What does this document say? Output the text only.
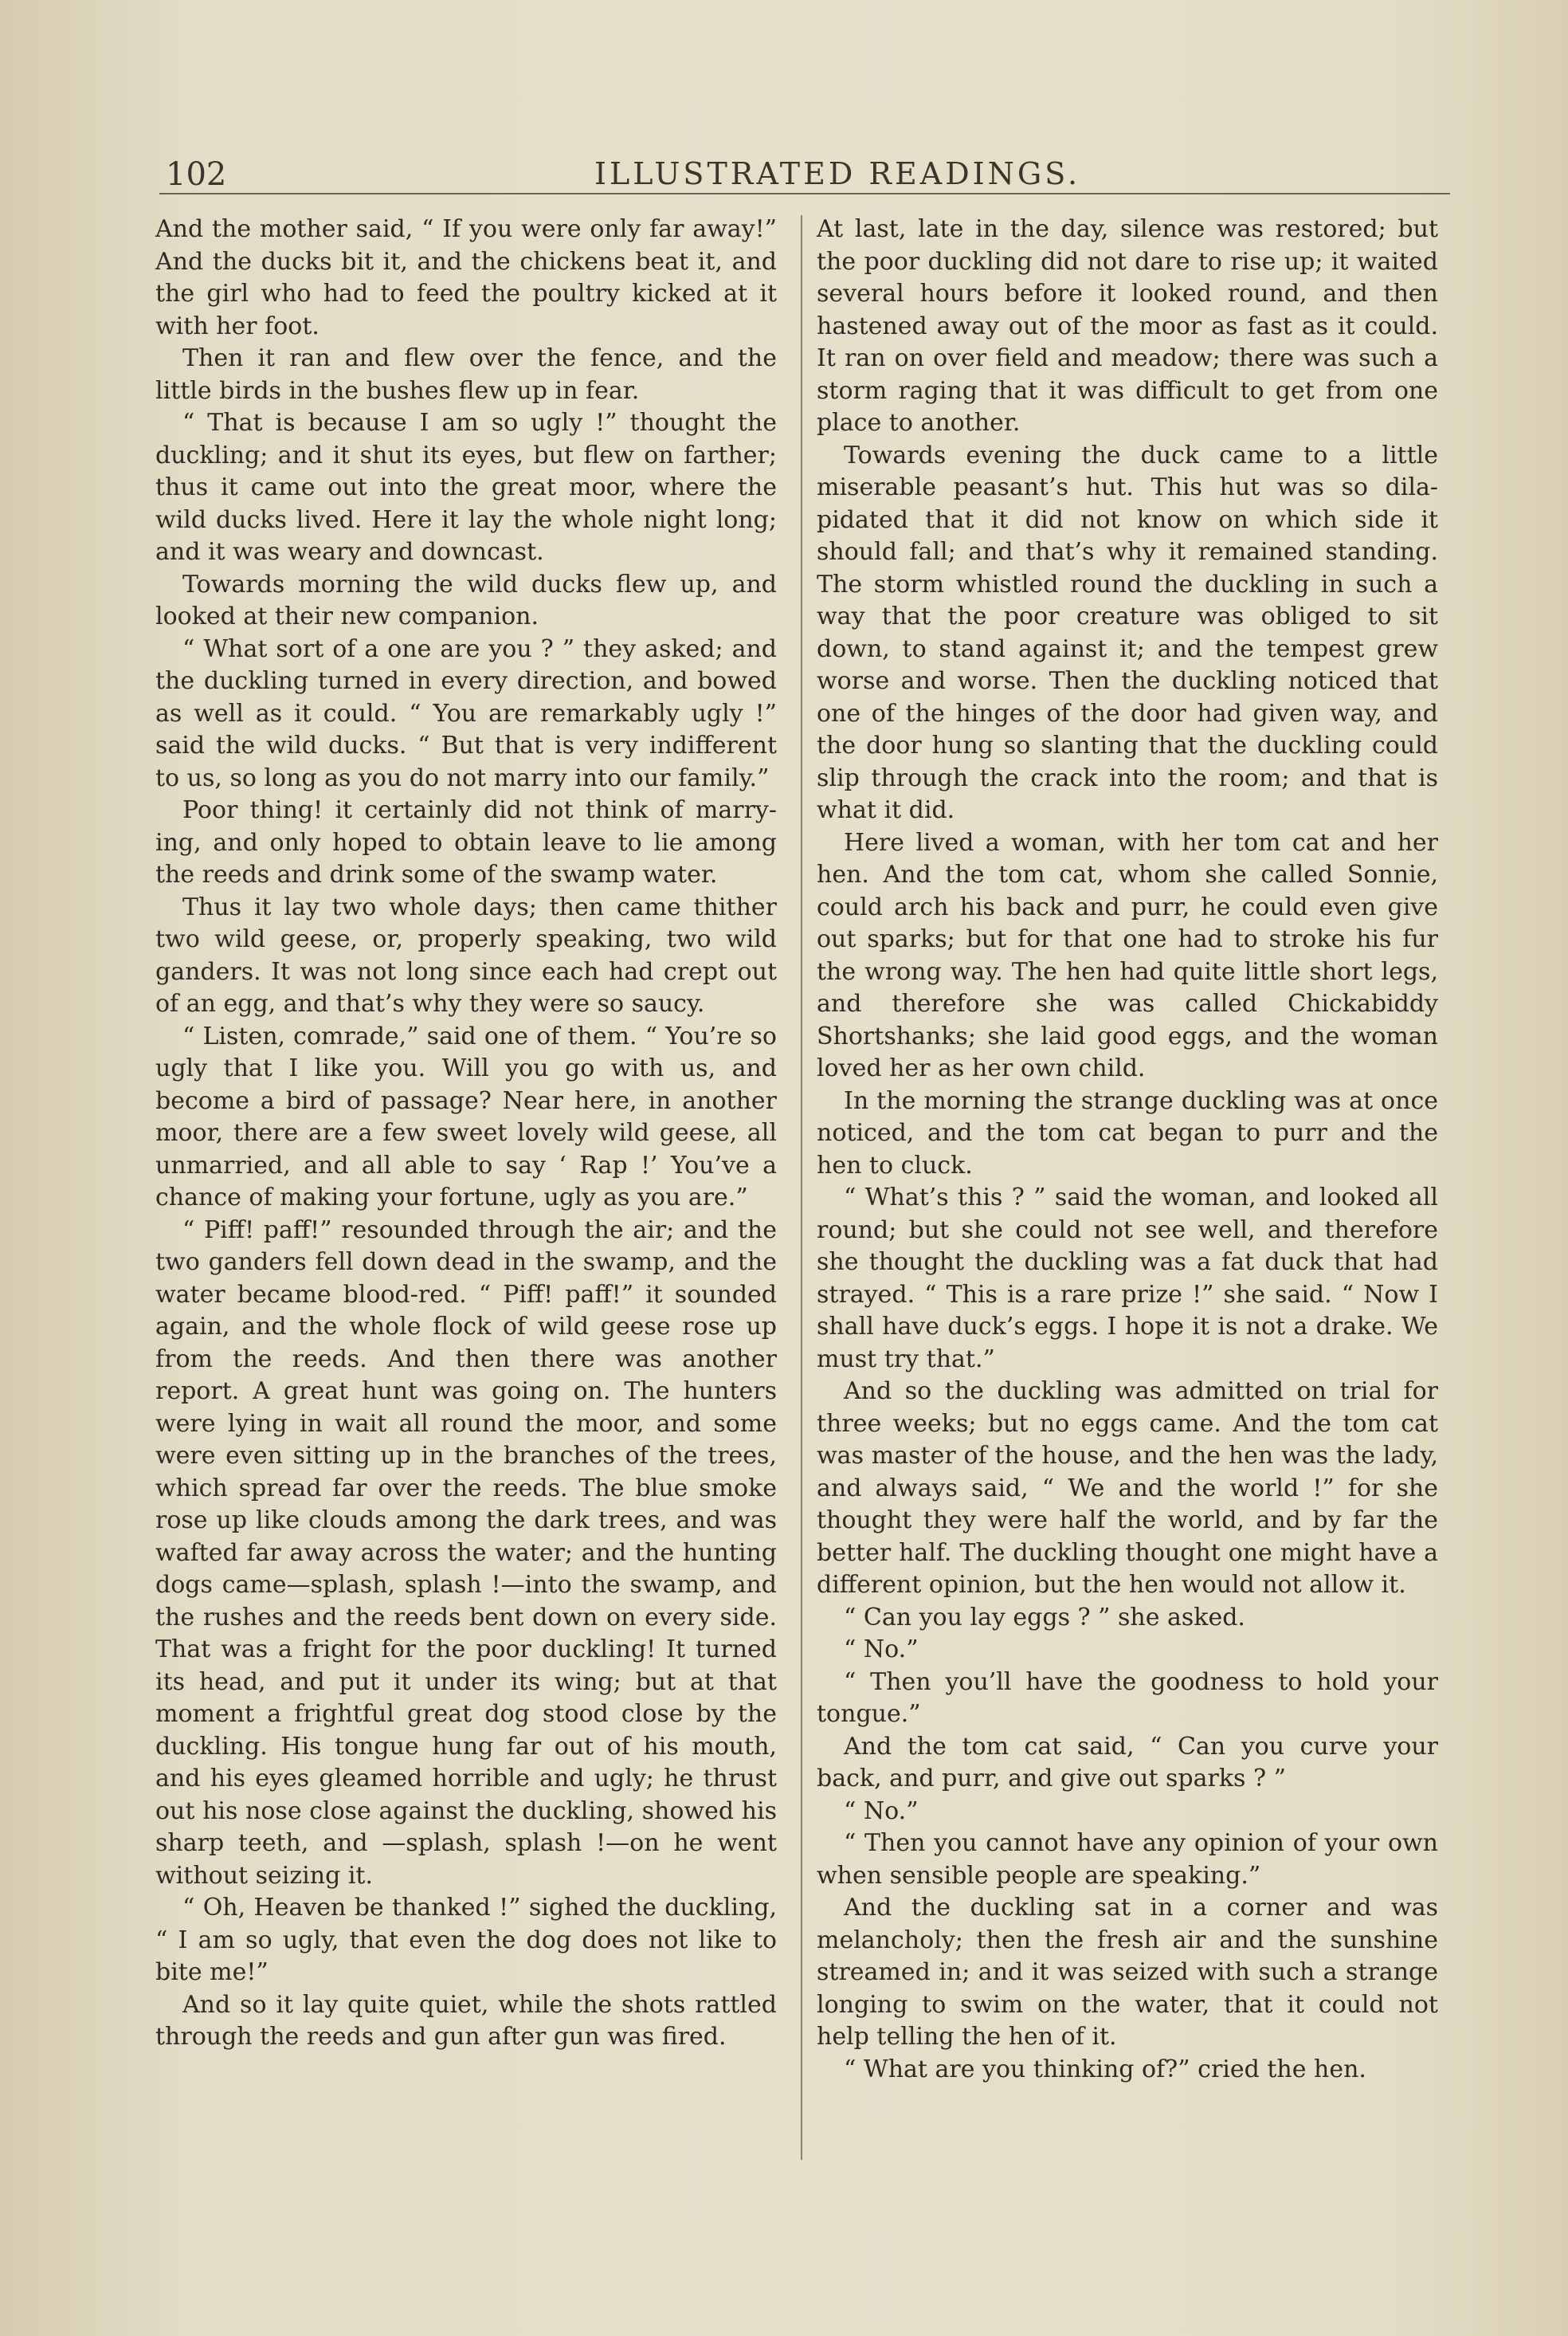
102	ILLUSTRATED READINGS.

And the mother said, “ If you were only far away!” And the ducks bit it, and the chickens beat it, and the girl who had to feed the poultry kicked at it with her foot.

Then it ran and flew over the fence, and the little birds in the bushes flew up in fear.

“ That is because I am so ugly !” thought the duckling; and it shut its eyes, but flew on farther; thus it came out into the great moor, where the wild ducks lived. Here it lay the whole night long; and it was weary and downcast.

Towards morning the wild ducks flew up, and looked at their new companion.

“ What sort of a one are you ? ” they asked; and the duckling turned in every direction, and bowed as well as it could. “ You are remarkably ugly !” said the wild ducks. “ But that is very indifferent to us, so long as you do not marry into our family.”

Poor thing! it certainly did not think of marry-ing, and only hoped to obtain leave to lie among the reeds and drink some of the swamp water.

Thus it lay two whole days; then came thither two wild geese, or, properly speaking, two wild ganders. It was not long since each had crept out of an egg, and that’s why they were so saucy.

“ Listen, comrade,” said one of them. “ You’re so ugly that I like you. Will you go with us, and become a bird of passage? Near here, in another moor, there are a few sweet lovely wild geese, all unmarried, and all able to say ‘ Rap !’ You’ve a chance of making your fortune, ugly as you are.”

“ Piff! paff!” resounded through the air; and the two ganders fell down dead in the swamp, and the water became blood-red. “ Piff! paff!” it sounded again, and the whole flock of wild geese rose up from the reeds. And then there was another report. A great hunt was going on. The hunters were lying in wait all round the moor, and some were even sitting up in the branches of the trees, which spread far over the reeds. The blue smoke rose up like clouds among the dark trees, and was wafted far away across the water; and the hunting dogs came—splash, splash !—into the swamp, and the rushes and the reeds bent down on every side. That was a fright for the poor duckling! It turned its head, and put it under its wing; but at that moment a frightful great dog stood close by the duckling. His tongue hung far out of his mouth, and his eyes gleamed horrible and ugly; he thrust out his nose close against the duckling, showed his sharp teeth, and —splash, splash !—on he went without seizing it.

“ Oh, Heaven be thanked !” sighed the duckling, “ I am so ugly, that even the dog does not like to bite me!”

And so it lay quite quiet, while the shots rattled through the reeds and gun after gun was fired.

At last, late in the day, silence was restored; but the poor duckling did not dare to rise up; it waited several hours before it looked round, and then hastened away out of the moor as fast as it could. It ran on over field and meadow; there was such a storm raging that it was difficult to get from one place to another.

Towards evening the duck came to a little miserable peasant’s hut. This hut was so dila-pidated that it did not know on which side it should fall; and that’s why it remained standing. The storm whistled round the duckling in such a way that the poor creature was obliged to sit down, to stand against it; and the tempest grew worse and worse. Then the duckling noticed that one of the hinges of the door had given way, and the door hung so slanting that the duckling could slip through the crack into the room; and that is what it did.

Here lived a woman, with her tom cat and her hen. And the tom cat, whom she called Sonnie, could arch his back and purr, he could even give out sparks; but for that one had to stroke his fur the wrong way. The hen had quite little short legs, and therefore she was called Chickabiddy Shortshanks; she laid good eggs, and the woman loved her as her own child.

In the morning the strange duckling was at once noticed, and the tom cat began to purr and the hen to cluck.

“ What’s this ? ” said the woman, and looked all round; but she could not see well, and therefore she thought the duckling was a fat duck that had strayed. “ This is a rare prize !” she said. “ Now I shall have duck’s eggs. I hope it is not a drake. We must try that.”

And so the duckling was admitted on trial for three weeks; but no eggs came. And the tom cat was master of the house, and the hen was the lady, and always said, “ We and the world !” for she thought they were half the world, and by far the better half. The duckling thought one might have a different opinion, but the hen would not allow it.

“ Can you lay eggs ? ” she asked.

“ No.”

“ Then you’ll have the goodness to hold your tongue.”

And the tom cat said, “ Can you curve your back, and purr, and give out sparks ? ”

“ No.”

“ Then you cannot have any opinion of your own when sensible people are speaking.”

And the duckling sat in a corner and was melancholy; then the fresh air and the sunshine streamed in; and it was seized with such a strange longing to swim on the water, that it could not help telling the hen of it.

“ What are you thinking of?” cried the hen.
